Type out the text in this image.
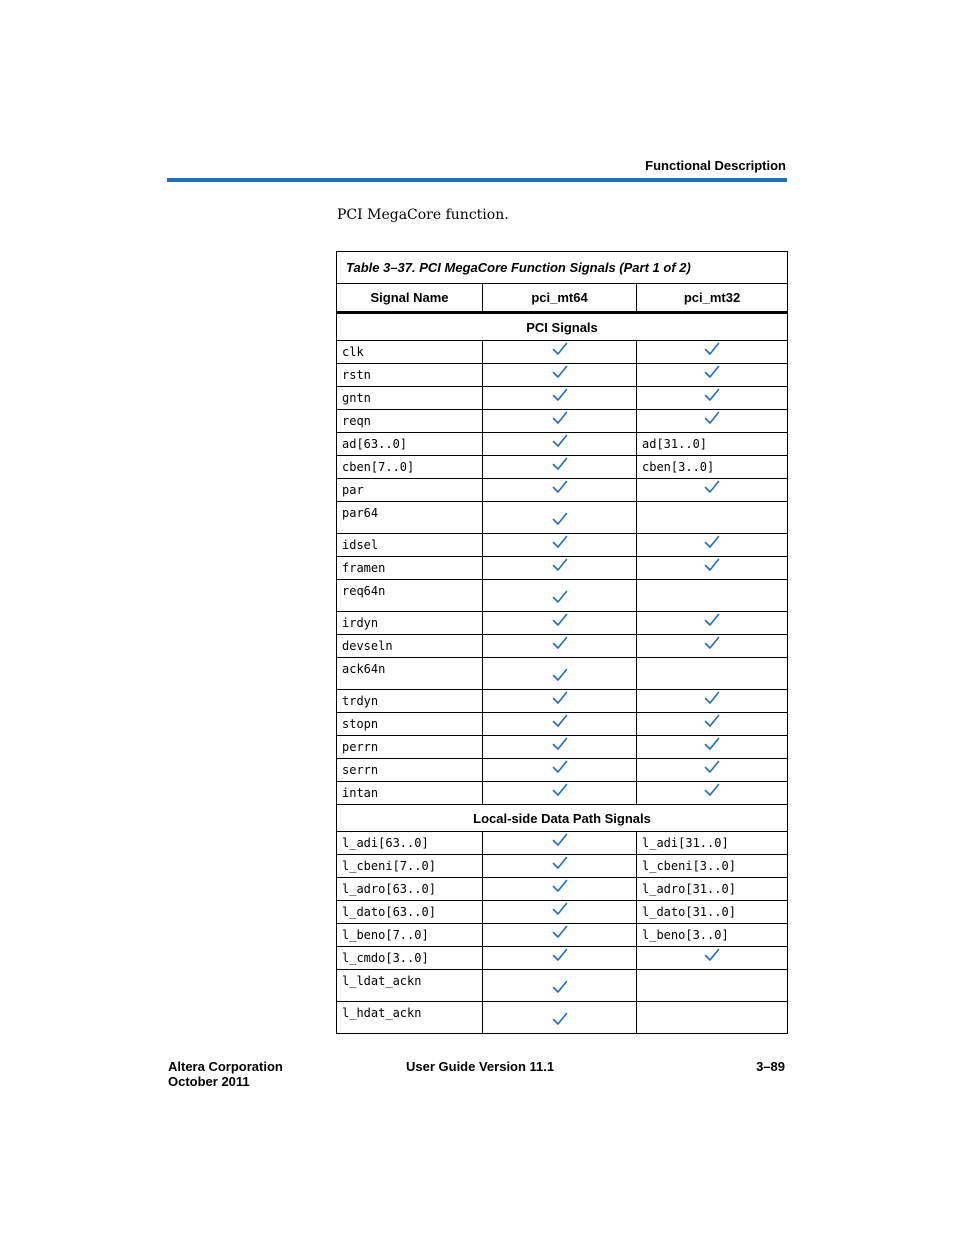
Functional Description
PCI MegaCore function.
Table 3–37. PCI MegaCore Function Signals (Part 1 of 2)		
Signal Name	pci_mt64	pci_mt32
PCI Signals		
clk		
rstn		
gntn		
reqn		
ad[63..0]		ad[31..0]
cben[7..0]		cben[3..0]
par		
par64		
idsel		
framen		
req64n		
irdyn		
devseln		
ack64n		
trdyn		
stopn		
perrn		
serrn		
intan		
Local-side Data Path Signals		
l_adi[63..0]		l_adi[31..0]
l_cbeni[7..0]		l_cbeni[3..0]
l_adro[63..0]		l_adro[31..0]
l_dato[63..0]		l_dato[31..0]
l_beno[7..0]		l_beno[3..0]
l_cmdo[3..0]		
l_ldat_ackn		
l_hdat_ackn		
Altera Corporation
October 2011
User Guide Version 11.1	3–89
